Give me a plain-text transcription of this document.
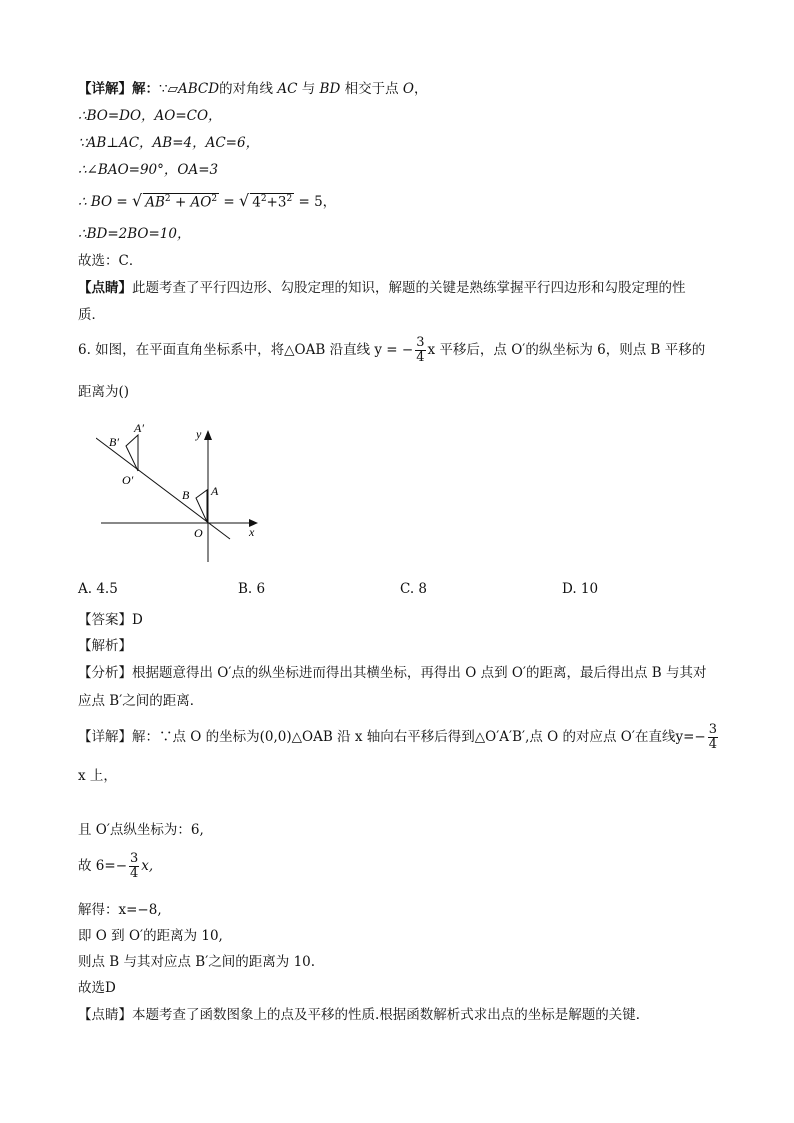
【详解】解：∵▱ABCD的对角线 AC 与 BD 相交于点 O，
∴BO=DO，AO=CO，
∵AB⊥AC，AB=4，AC=6，
∴∠BAO=90°，OA=3
∴ BO = √ $AB^2 + AO^2$ = √ $4^2+3^2 = 5$，
∴BD=2BO=10，
故选：C．
【点睛】此题考查了平行四边形、勾股定理的知识，解题的关键是熟练掌握平行四边形和勾股定理的性
质．
6. 如图，在平面直角坐标系中，将△OAB 沿直线 y = − $\frac{3}{4}$ x 平移后，点 O′的纵坐标为 6，则点 B 平移的
距离为()
y
x
O
A
B
O′
A′
B′
A. 4.5	B. 6	C. 8	D. 10
【答案】D
【解析】
【分析】根据题意得出 O′点的纵坐标进而得出其横坐标，再得出 O 点到 O′的距离，最后得出点 B 与其对
应点 B′之间的距离．
【详解】解：∵点 O 的坐标为(0,0)△OAB 沿 x 轴向右平移后得到△O′A′B′,点 O 的对应点 O′在直线$y=- \frac{3}{4}$
x 上，
且 O′点纵坐标为：6,
故 $6=- \frac{3}{4} x$,
解得：x=−8,
即 O 到 O′的距离为 10,
则点 B 与其对应点 B′之间的距离为 10.
故选D
【点睛】本题考查了函数图象上的点及平移的性质.根据函数解析式求出点的坐标是解题的关键．
